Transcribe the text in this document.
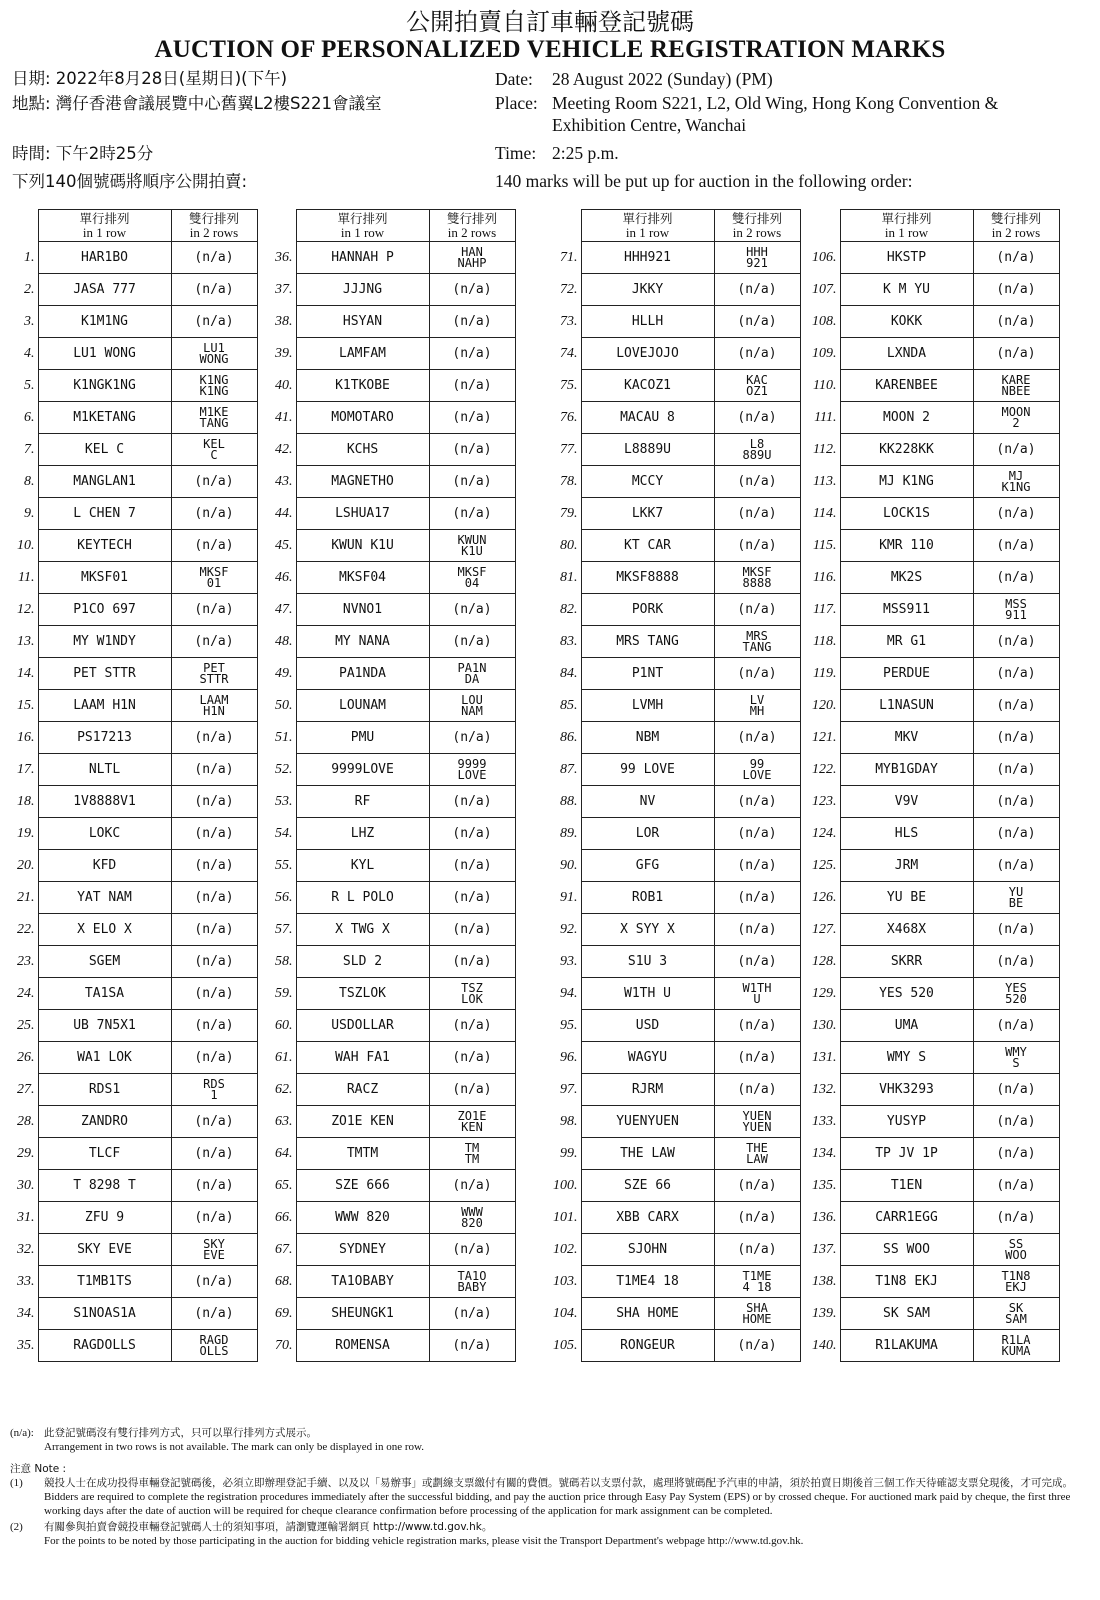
公開拍賣自訂車輛登記號碼
AUCTION OF PERSONALIZED VEHICLE REGISTRATION MARKS
日期: 2022年8月28日(星期日)(下午)
地點: 灣仔香港會議展覽中心舊翼L2樓S221會議室
時間: 下午2時25分
下列140個號碼將順序公開拍賣:
Date: 28 August 2022 (Sunday) (PM)
Place: Meeting Room S221, L2, Old Wing, Hong Kong Convention & Exhibition Centre, Wanchai
Time: 2:25 p.m.
140 marks will be put up for auction in the following order:

	單行排列
in 1 row	雙行排列
in 2 rows
1.	HAR1BO	(n/a)
2.	JASA 777	(n/a)
3.	K1M1NG	(n/a)
4.	LU1 WONG	LU1
WONG

5.	K1NGK1NG	K1NG
K1NG

6.	M1KETANG	M1KE
TANG

7.	KEL C	KEL
C

8.	MANGLAN1	(n/a)
9.	L CHEN 7	(n/a)
10.	KEYTECH	(n/a)
11.	MKSF01	MKSF
01

12.	P1CO 697	(n/a)
13.	MY W1NDY	(n/a)
14.	PET STTR	PET
STTR

15.	LAAM H1N	LAAM
H1N

16.	PS17213	(n/a)
17.	NLTL	(n/a)
18.	1V8888V1	(n/a)
19.	LOKC	(n/a)
20.	KFD	(n/a)
21.	YAT NAM	(n/a)
22.	X ELO X	(n/a)
23.	SGEM	(n/a)
24.	TA1SA	(n/a)
25.	UB 7N5X1	(n/a)
26.	WA1 LOK	(n/a)
27.	RDS1	RDS
1

28.	ZANDRO	(n/a)
29.	TLCF	(n/a)
30.	T 8298 T	(n/a)
31.	ZFU 9	(n/a)
32.	SKY EVE	SKY
EVE

33.	T1MB1TS	(n/a)
34.	S1NOAS1A	(n/a)
35.	RAGDOLLS	RAGD
OLLS

	單行排列
in 1 row	雙行排列
in 2 rows
36.	HANNAH P	HAN
NAHP

37.	JJJNG	(n/a)
38.	HSYAN	(n/a)
39.	LAMFAM	(n/a)
40.	K1TKOBE	(n/a)
41.	MOMOTARO	(n/a)
42.	KCHS	(n/a)
43.	MAGNETHO	(n/a)
44.	LSHUA17	(n/a)
45.	KWUN K1U	KWUN
K1U

46.	MKSF04	MKSF
04

47.	NVNO1	(n/a)
48.	MY NANA	(n/a)
49.	PA1NDA	PA1N
DA

50.	LOUNAM	LOU
NAM

51.	PMU	(n/a)
52.	9999LOVE	9999
LOVE

53.	RF	(n/a)
54.	LHZ	(n/a)
55.	KYL	(n/a)
56.	R L POLO	(n/a)
57.	X TWG X	(n/a)
58.	SLD 2	(n/a)
59.	TSZLOK	TSZ
LOK

60.	USDOLLAR	(n/a)
61.	WAH FA1	(n/a)
62.	RACZ	(n/a)
63.	ZO1E KEN	ZO1E
KEN

64.	TMTM	TM
TM

65.	SZE 666	(n/a)
66.	WWW 820	WWW
820

67.	SYDNEY	(n/a)
68.	TA1OBABY	TA1O
BABY

69.	SHEUNGK1	(n/a)
70.	ROMENSA	(n/a)

	單行排列
in 1 row	雙行排列
in 2 rows
71.	HHH921	HHH
921

72.	JKKY	(n/a)
73.	HLLH	(n/a)
74.	LOVEJOJO	(n/a)
75.	KACOZ1	KAC
OZ1

76.	MACAU 8	(n/a)
77.	L8889U	L8
889U

78.	MCCY	(n/a)
79.	LKK7	(n/a)
80.	KT CAR	(n/a)
81.	MKSF8888	MKSF
8888

82.	PORK	(n/a)
83.	MRS TANG	MRS
TANG

84.	P1NT	(n/a)
85.	LVMH	LV
MH

86.	NBM	(n/a)
87.	99 LOVE	99
LOVE

88.	NV	(n/a)
89.	LOR	(n/a)
90.	GFG	(n/a)
91.	ROB1	(n/a)
92.	X SYY X	(n/a)
93.	S1U 3	(n/a)
94.	W1TH U	W1TH
U

95.	USD	(n/a)
96.	WAGYU	(n/a)
97.	RJRM	(n/a)
98.	YUENYUEN	YUEN
YUEN

99.	THE LAW	THE
LAW

100.	SZE 66	(n/a)
101.	XBB CARX	(n/a)
102.	SJOHN	(n/a)
103.	T1ME4 18	T1ME
4 18

104.	SHA HOME	SHA
HOME

105.	RONGEUR	(n/a)

	單行排列
in 1 row	雙行排列
in 2 rows
106.	HKSTP	(n/a)
107.	K M YU	(n/a)
108.	KOKK	(n/a)
109.	LXNDA	(n/a)
110.	KARENBEE	KARE
NBEE

111.	MOON 2	MOON
2

112.	KK228KK	(n/a)
113.	MJ K1NG	MJ
K1NG

114.	LOCK1S	(n/a)
115.	KMR 110	(n/a)
116.	MK2S	(n/a)
117.	MSS911	MSS
911

118.	MR G1	(n/a)
119.	PERDUE	(n/a)
120.	L1NASUN	(n/a)
121.	MKV	(n/a)
122.	MYB1GDAY	(n/a)
123.	V9V	(n/a)
124.	HLS	(n/a)
125.	JRM	(n/a)
126.	YU BE	YU
BE

127.	X468X	(n/a)
128.	SKRR	(n/a)
129.	YES 520	YES
520

130.	UMA	(n/a)
131.	WMY S	WMY
S

132.	VHK3293	(n/a)
133.	YUSYP	(n/a)
134.	TP JV 1P	(n/a)
135.	T1EN	(n/a)
136.	CARR1EGG	(n/a)
137.	SS WOO	SS
WOO

138.	T1N8 EKJ	T1N8
EKJ

139.	SK SAM	SK
SAM

140.	R1LAKUMA	R1LA
KUMA
(n/a): 此登記號碼沒有雙行排列方式，只可以單行排列方式展示。
Arrangement in two rows is not available. The mark can only be displayed in one row.
注意 Note :
(1) 競投人士在成功投得車輛登記號碼後，必須立即辦理登記手續、以及以「易辦事」或劃線支票繳付有關的費價。號碼若以支票付款，處理將號碼配予汽車的申請，須於拍賣日期後首三個工作天待確認支票兌現後，才可完成。
Bidders are required to complete the registration procedures immediately after the successful bidding, and pay the auction price through Easy Pay System (EPS) or by crossed cheque. For auctioned mark paid by cheque, the first three working days after the date of auction will be required for cheque clearance confirmation before processing of the application for mark assignment can be completed.
(2) 有關參與拍賣會競投車輛登記號碼人士的須知事項，請瀏覽運輸署網頁 http://www.td.gov.hk。
For the points to be noted by those participating in the auction for bidding vehicle registration marks, please visit the Transport Department's webpage http://www.td.gov.hk.
